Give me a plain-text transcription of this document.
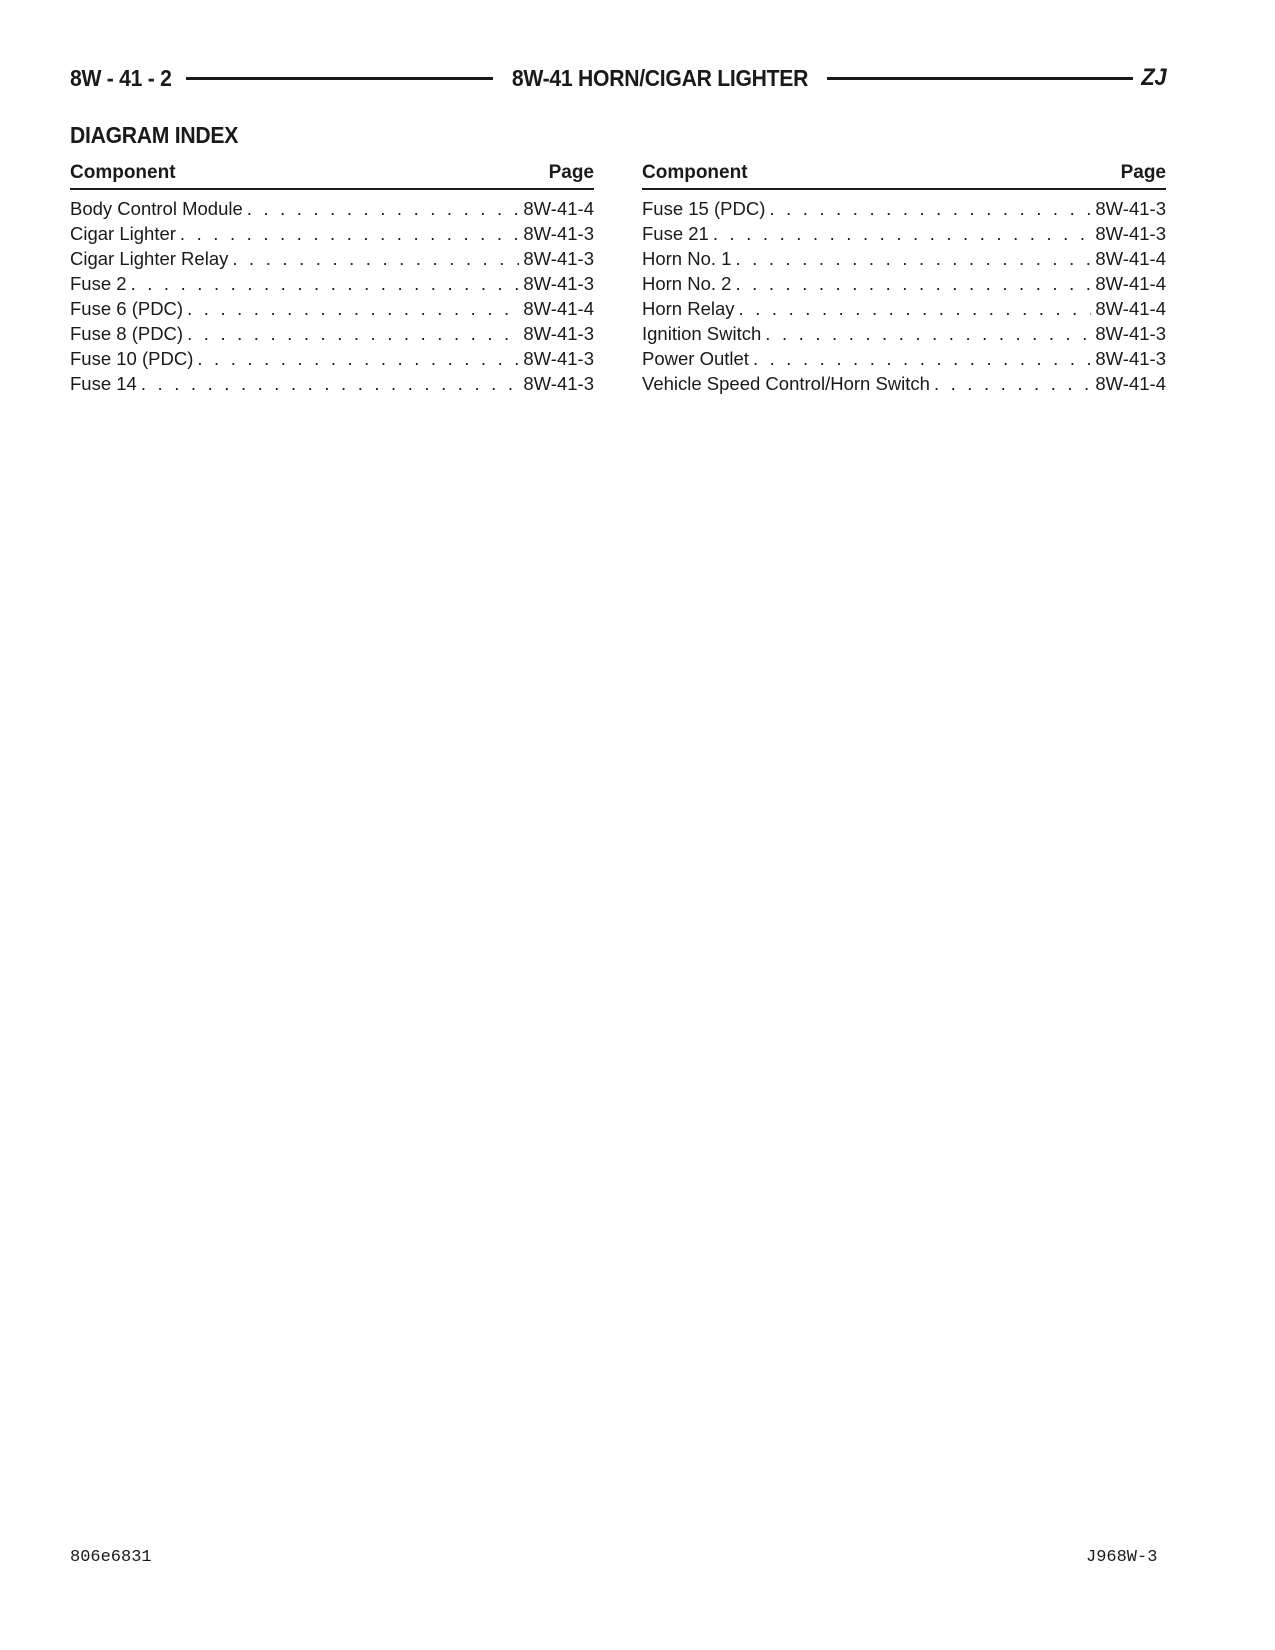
8W - 41 - 2	8W-41 HORN/CIGAR LIGHTER	ZJ
DIAGRAM INDEX
Component	Page
Body Control Module . . .	8W-41-4
Cigar Lighter . . .	8W-41-3
Cigar Lighter Relay . . .	8W-41-3
Fuse 2 . . .	8W-41-3
Fuse 6 (PDC) . . .	8W-41-4
Fuse 8 (PDC) . . .	8W-41-3
Fuse 10 (PDC) . . .	8W-41-3
Fuse 14 . . .	8W-41-3
Component	Page
Fuse 15 (PDC) . . .	8W-41-3
Fuse 21 . . .	8W-41-3
Horn No. 1 . . .	8W-41-4
Horn No. 2 . . .	8W-41-4
Horn Relay . . .	8W-41-4
Ignition Switch . . .	8W-41-3
Power Outlet . . .	8W-41-3
Vehicle Speed Control/Horn Switch . . .	8W-41-4
806e6831	J968W-3
